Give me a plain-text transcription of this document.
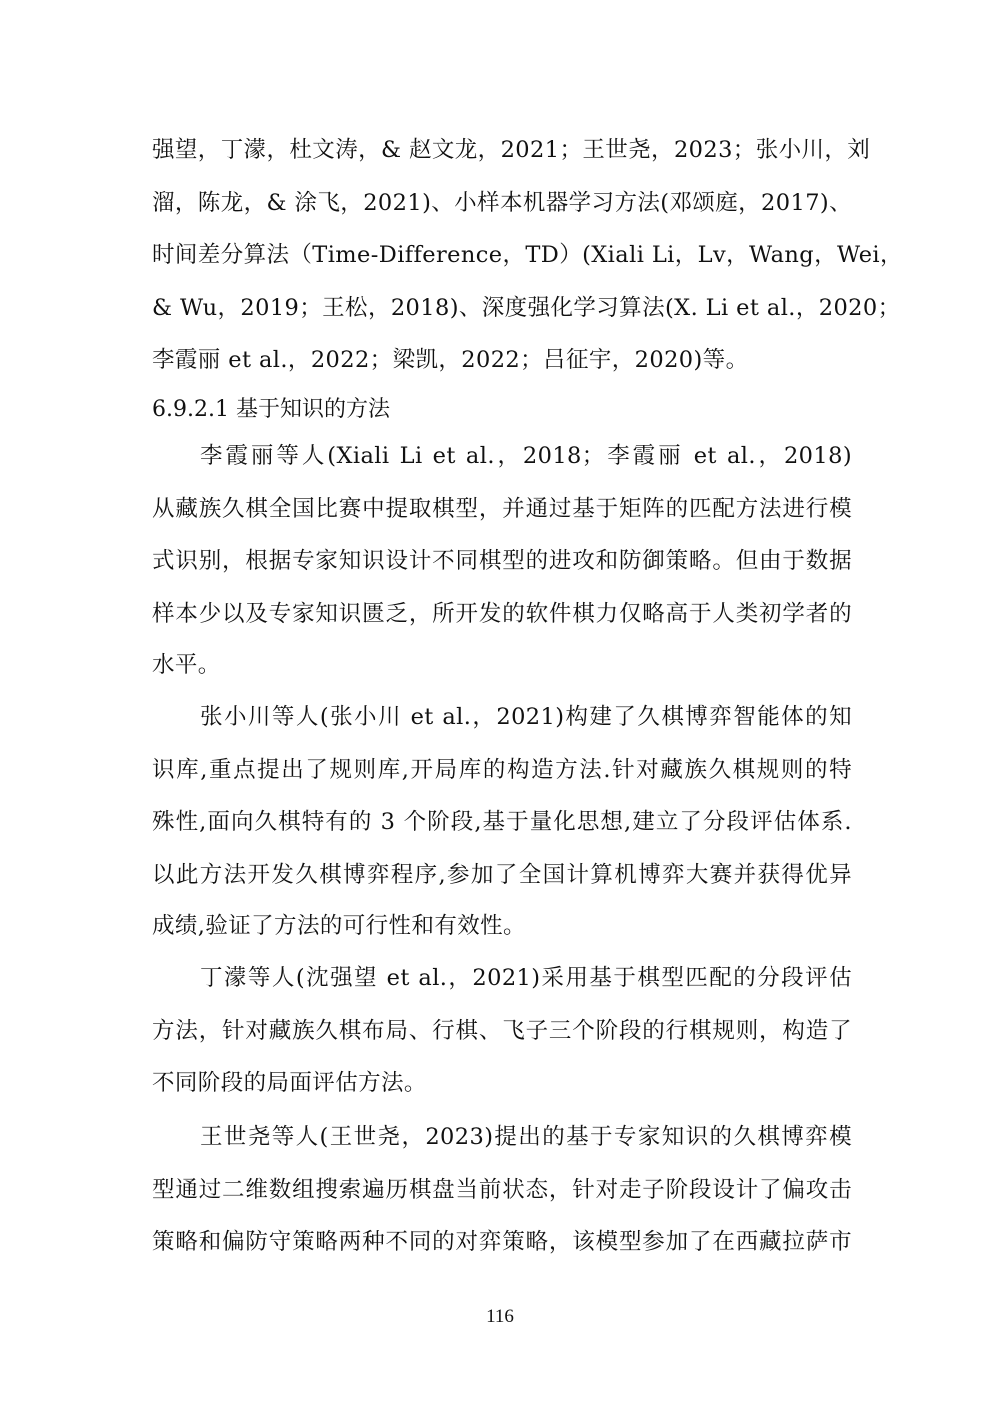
强望，丁濛，杜文涛，& 赵文龙，2021；王世尧，2023；张小川，刘
溜，陈龙，& 涂飞，2021)、小样本机器学习方法(邓颂庭，2017)、
时间差分算法（Time-Difference，TD）(Xiali Li，Lv，Wang，Wei，
& Wu，2019；王松，2018)、深度强化学习算法(X. Li et al.，2020；
李霞丽 et al.，2022；梁凯，2022；吕征宇，2020)等。
6.9.2.1 基于知识的方法
李霞丽等人(Xiali Li et al.，2018；李霞丽 et al.，2018)
从藏族久棋全国比赛中提取棋型，并通过基于矩阵的匹配方法进行模
式识别，根据专家知识设计不同棋型的进攻和防御策略。但由于数据
样本少以及专家知识匮乏，所开发的软件棋力仅略高于人类初学者的
水平。
张小川等人(张小川 et al.，2021)构建了久棋博弈智能体的知
识库,重点提出了规则库,开局库的构造方法.针对藏族久棋规则的特
殊性,面向久棋特有的 3 个阶段,基于量化思想,建立了分段评估体系.
以此方法开发久棋博弈程序,参加了全国计算机博弈大赛并获得优异
成绩,验证了方法的可行性和有效性。
丁濛等人(沈强望 et al.，2021)采用基于棋型匹配的分段评估
方法，针对藏族久棋布局、行棋、飞子三个阶段的行棋规则，构造了
不同阶段的局面评估方法。
王世尧等人(王世尧，2023)提出的基于专家知识的久棋博弈模
型通过二维数组搜索遍历棋盘当前状态，针对走子阶段设计了偏攻击
策略和偏防守策略两种不同的对弈策略，该模型参加了在西藏拉萨市
116
